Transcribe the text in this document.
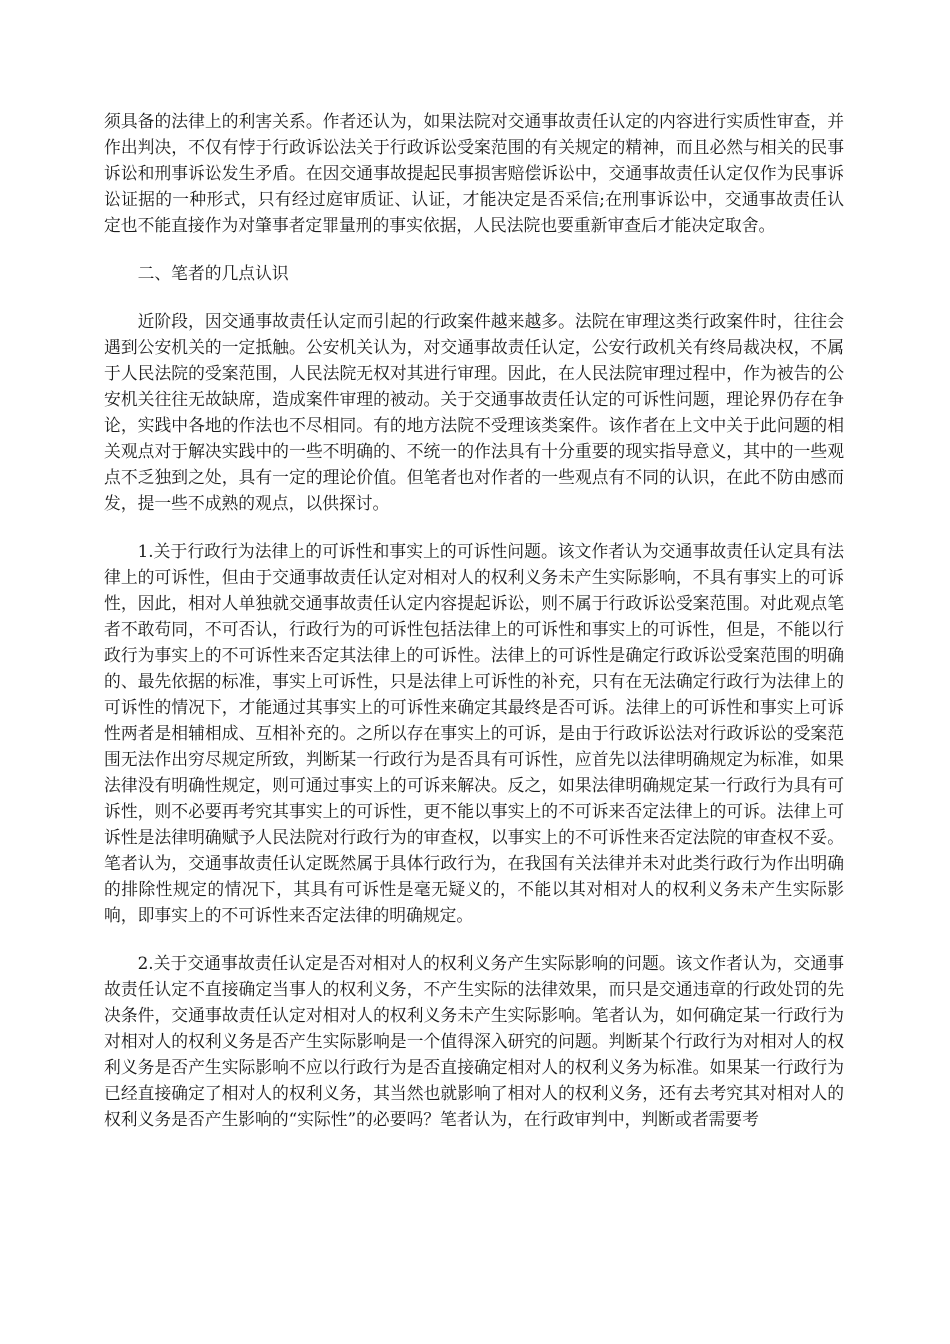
须具备的法律上的利害关系。作者还认为，如果法院对交通事故责任认定的内容进行实质性审查，并作出判决，不仅有悖于行政诉讼法关于行政诉讼受案范围的有关规定的精神，而且必然与相关的民事诉讼和刑事诉讼发生矛盾。在因交通事故提起民事损害赔偿诉讼中，交通事故责任认定仅作为民事诉讼证据的一种形式，只有经过庭审质证、认证，才能决定是否采信;在刑事诉讼中，交通事故责任认定也不能直接作为对肇事者定罪量刑的事实依据，人民法院也要重新审查后才能决定取舍。

二、笔者的几点认识

近阶段，因交通事故责任认定而引起的行政案件越来越多。法院在审理这类行政案件时，往往会遇到公安机关的一定抵触。公安机关认为，对交通事故责任认定，公安行政机关有终局裁决权，不属于人民法院的受案范围，人民法院无权对其进行审理。因此，在人民法院审理过程中，作为被告的公安机关往往无故缺席，造成案件审理的被动。关于交通事故责任认定的可诉性问题，理论界仍存在争论，实践中各地的作法也不尽相同。有的地方法院不受理该类案件。该作者在上文中关于此问题的相关观点对于解决实践中的一些不明确的、不统一的作法具有十分重要的现实指导意义，其中的一些观点不乏独到之处，具有一定的理论价值。但笔者也对作者的一些观点有不同的认识，在此不防由感而发，提一些不成熟的观点，以供探讨。

1.关于行政行为法律上的可诉性和事实上的可诉性问题。该文作者认为交通事故责任认定具有法律上的可诉性，但由于交通事故责任认定对相对人的权利义务未产生实际影响，不具有事实上的可诉性，因此，相对人单独就交通事故责任认定内容提起诉讼，则不属于行政诉讼受案范围。对此观点笔者不敢苟同，不可否认，行政行为的可诉性包括法律上的可诉性和事实上的可诉性，但是，不能以行政行为事实上的不可诉性来否定其法律上的可诉性。法律上的可诉性是确定行政诉讼受案范围的明确的、最先依据的标准，事实上可诉性，只是法律上可诉性的补充，只有在无法确定行政行为法律上的可诉性的情况下，才能通过其事实上的可诉性来确定其最终是否可诉。法律上的可诉性和事实上可诉性两者是相辅相成、互相补充的。之所以存在事实上的可诉，是由于行政诉讼法对行政诉讼的受案范围无法作出穷尽规定所致，判断某一行政行为是否具有可诉性，应首先以法律明确规定为标准，如果法律没有明确性规定，则可通过事实上的可诉来解决。反之，如果法律明确规定某一行政行为具有可诉性，则不必要再考究其事实上的可诉性，更不能以事实上的不可诉来否定法律上的可诉。法律上可诉性是法律明确赋予人民法院对行政行为的审查权，以事实上的不可诉性来否定法院的审查权不妥。笔者认为，交通事故责任认定既然属于具体行政行为，在我国有关法律并未对此类行政行为作出明确的排除性规定的情况下，其具有可诉性是毫无疑义的，不能以其对相对人的权利义务未产生实际影响，即事实上的不可诉性来否定法律的明确规定。

2.关于交通事故责任认定是否对相对人的权利义务产生实际影响的问题。该文作者认为，交通事故责任认定不直接确定当事人的权利义务，不产生实际的法律效果，而只是交通违章的行政处罚的先决条件，交通事故责任认定对相对人的权利义务未产生实际影响。笔者认为，如何确定某一行政行为对相对人的权利义务是否产生实际影响是一个值得深入研究的问题。判断某个行政行为对相对人的权利义务是否产生实际影响不应以行政行为是否直接确定相对人的权利义务为标准。如果某一行政行为已经直接确定了相对人的权利义务，其当然也就影响了相对人的权利义务，还有去考究其对相对人的权利义务是否产生影响的“实际性”的必要吗？笔者认为，在行政审判中，判断或者需要考
